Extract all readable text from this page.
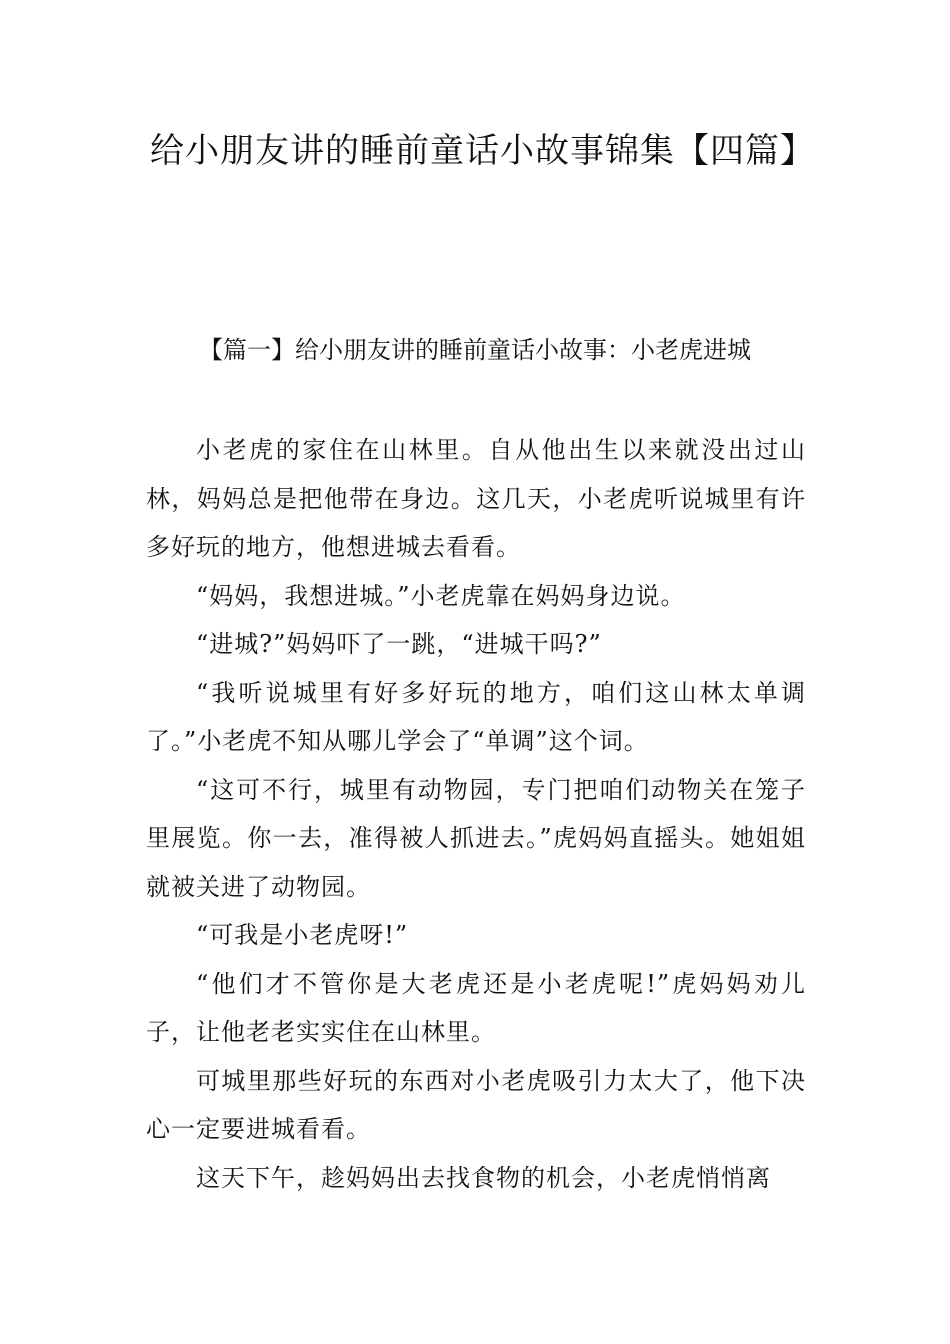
给小朋友讲的睡前童话小故事锦集【四篇】
【篇一】给小朋友讲的睡前童话小故事：小老虎进城

小老虎的家住在山林里。自从他出生以来就没出过山林，妈妈总是把他带在身边。这几天，小老虎听说城里有许多好玩的地方，他想进城去看看。

“妈妈，我想进城。”小老虎靠在妈妈身边说。

“进城?”妈妈吓了一跳，“进城干吗?”

“我听说城里有好多好玩的地方，咱们这山林太单调了。”小老虎不知从哪儿学会了“单调”这个词。

“这可不行，城里有动物园，专门把咱们动物关在笼子里展览。你一去，准得被人抓进去。”虎妈妈直摇头。她姐姐就被关进了动物园。

“可我是小老虎呀!”

“他们才不管你是大老虎还是小老虎呢!”虎妈妈劝儿子，让他老老实实住在山林里。

可城里那些好玩的东西对小老虎吸引力太大了，他下决心一定要进城看看。

这天下午，趁妈妈出去找食物的机会，小老虎悄悄离
